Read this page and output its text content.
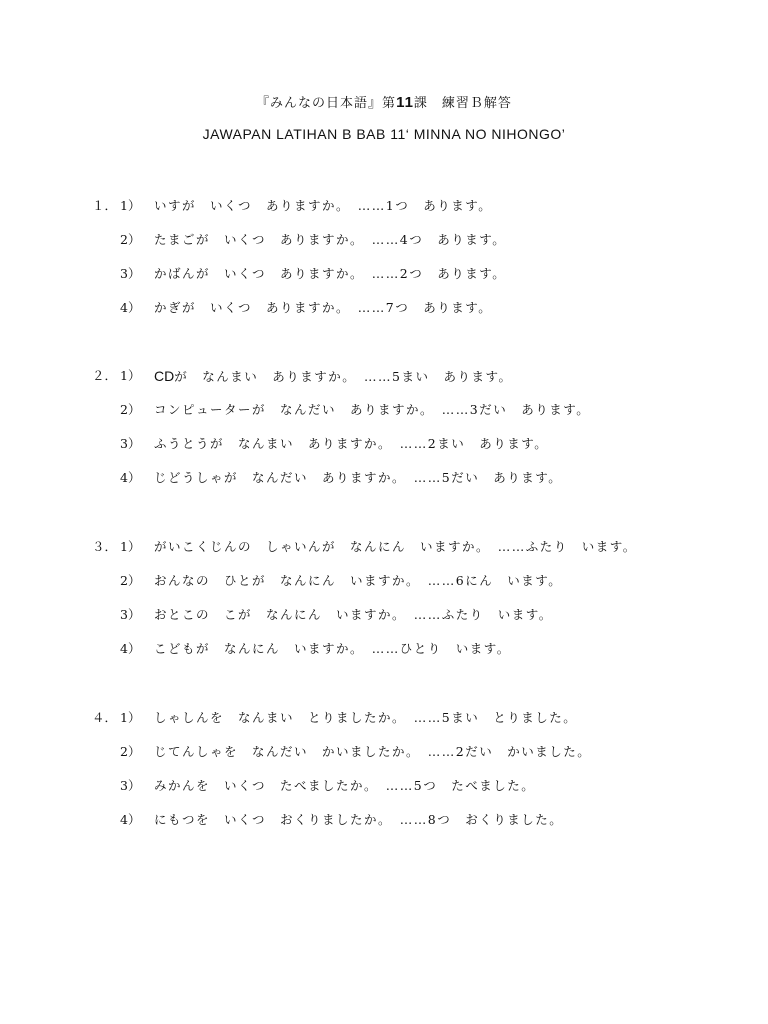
『みんなの日本語』第11課　練習Ｂ解答
JAWAPAN LATIHAN B BAB 11‘ MINNA NO NIHONGO’
１． 1） いすが　いくつ　ありますか。　……1つ　あります。
2） たまごが　いくつ　ありますか。　……4つ　あります。
3） かばんが　いくつ　ありますか。　……2つ　あります。
4） かぎが　いくつ　ありますか。　……7つ　あります。
２． 1） CDが　なんまい　ありますか。　……5まい　あります。
2） コンピューターが　なんだい　ありますか。　……3だい　あります。
3） ふうとうが　なんまい　ありますか。　……2まい　あります。
4） じどうしゃが　なんだい　ありますか。　……5だい　あります。
３． 1） がいこくじんの　しゃいんが　なんにん　いますか。　……ふたり　います。
2） おんなの　ひとが　なんにん　いますか。　……6にん　います。
3） おとこの　こが　なんにん　いますか。　……ふたり　います。
4） こどもが　なんにん　いますか。　……ひとり　います。
４． 1） しゃしんを　なんまい　とりましたか。　……5まい　とりました。
2） じてんしゃを　なんだい　かいましたか。　……2だい　かいました。
3） みかんを　いくつ　たべましたか。　……5つ　たべました。
4） にもつを　いくつ　おくりましたか。　……8つ　おくりました。
